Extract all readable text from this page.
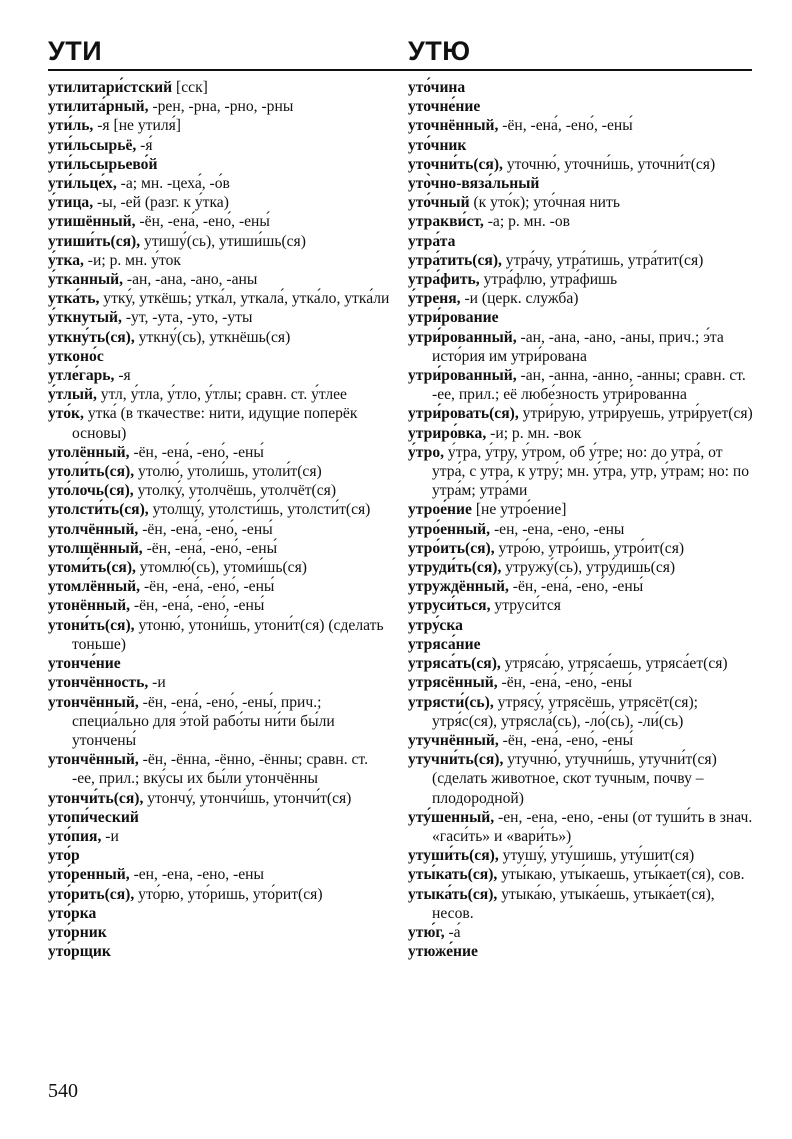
УТИ	УТЮ

утилитари́стский [сск]

утилита́рный, -рен, -рна, -рно, -рны

ути́ль, -я [не утиля́]

ути́льсырьё, -я́

ути́льсырьево́й

ути́льце́х, -а; мн. -цеха́, -о́в

у́тица, -ы, -ей (разг. к у́тка)

утишённый, -ён, -ена́, -ено́, -ены́

утиши́ть(ся), утишу́(сь), утиши́шь(ся)

у́тка, -и; р. мн. у́ток

у́тканный, -ан, -ана, -ано, -аны

утка́ть, утку́, уткёшь; утка́л, уткала́, утка́ло, утка́ли

у́ткнутый, -ут, -ута, -уто, -уты

уткну́ть(ся), уткну́(сь), уткнёшь(ся)

утконо́с

утле́гарь, -я

у́тлый, утл, у́тла, у́тло, у́тлы; сравн. ст. у́тлее

уто́к, утка́ (в ткачестве: нити, идущие поперёк основы)

утолённый, -ён, -ена́, -ено́, -ены́

утоли́ть(ся), утолю́, утоли́шь, утоли́т(ся)

уто́лочь(ся), утолку́, утолчёшь, утолчёт(ся)

утолсти́ть(ся), утолщу́, утолсти́шь, утолсти́т(ся)

утолчённый, -ён, -ена́, -ено́, -ены́

утолщённый, -ён, -ена́, -ено́, -ены́

утоми́ть(ся), утомлю́(сь), утоми́шь(ся)

утомлённый, -ён, -ена́, -ено́, -ены́

утонённый, -ён, -ена́, -ено́, -ены́

утони́ть(ся), утоню́, утони́шь, утони́т(ся) (сделать тоньше)

утонче́ние

утончённость, -и

утончённый, -ён, -ена́, -ено́, -ены́, прич.; специа́льно для э́той рабо́ты ни́ти бы́ли утончены́

утончённый, -ён, -ённа, -ённо, -ённы; сравн. ст. -ее, прил.; вку́сы их бы́ли утончённы

утончи́ть(ся), утончу́, утончи́шь, утончи́т(ся)

утопи́ческий

уто́пия, -и

уто́р

уто́ренный, -ен, -ена, -ено, -ены

уто́рить(ся), уто́рю, уто́ришь, уто́рит(ся)

уто́рка

уто́рник

уто́рщик

уто́чина

уточне́ние

уточнённый, -ён, -ена́, -ено́, -ены́

уто́чник

уточни́ть(ся), уточню́, уточни́шь, уточни́т(ся)

уто̀чно-вяза́льный

уто́чный (к уто́к); уто́чная нить

утракви́ст, -а; р. мн. -ов

утра́та

утра́тить(ся), утра́чу, утра́тишь, утра́тит(ся)

утра́фить, утра́флю, утра́фишь

у́треня, -и (церк. служба)

утри́рование

утри́рованный, -ан, -ана, -ано, -аны, прич.; э́та исто́рия им утри́рована

утри́рованный, -ан, -анна, -анно, -анны; сравн. ст. -ее, прил.; её любе́зность утри́рованна

утри́ровать(ся), утри́рую, утри́руешь, утри́рует(ся)

утриро́вка, -и; р. мн. -вок

у́тро, у́тра, у́тру, у́тром, об у́тре; но: до утра́, от утра́, с утра́, к утру́; мн. у́тра, утр, у́трам; но: по утра́м; утра́ми

утрое́ние [не утро́ение]

утро́енный, -ен, -ена, -ено, -ены

утро́ить(ся), утро́ю, утро́ишь, утро́ит(ся)

утруди́ть(ся), утружу́(сь), утру́дишь(ся)

утруждённый, -ён, -ена́, -ено́, -ены́

утруси́ться, утруси́тся

утру́ска

утряса́ние

утряса́ть(ся), утряса́ю, утряса́ешь, утряса́ет(ся)

утрясённый, -ён, -ена́, -ено́, -ены́

утрясти́(сь), утрясу́, утрясёшь, утрясёт(ся); утря́с(ся), утрясла́(сь), -ло́(сь), -ли́(сь)

утучнённый, -ён, -ена́, -ено́, -ены́

утучни́ть(ся), утучню́, утучни́шь, утучни́т(ся) (сделать животное, скот тучным, почву – плодородной)

уту́шенный, -ен, -ена, -ено, -ены (от туши́ть в знач. «гаси́ть» и «вари́ть»)

утуши́ть(ся), утушу́, уту́шишь, уту́шит(ся)

уты́кать(ся), уты́каю, уты́каешь, уты́кает(ся), сов.

утыка́ть(ся), утыка́ю, утыка́ешь, утыка́ет(ся), несов.

утю́г, -а́

утюже́ние

540
